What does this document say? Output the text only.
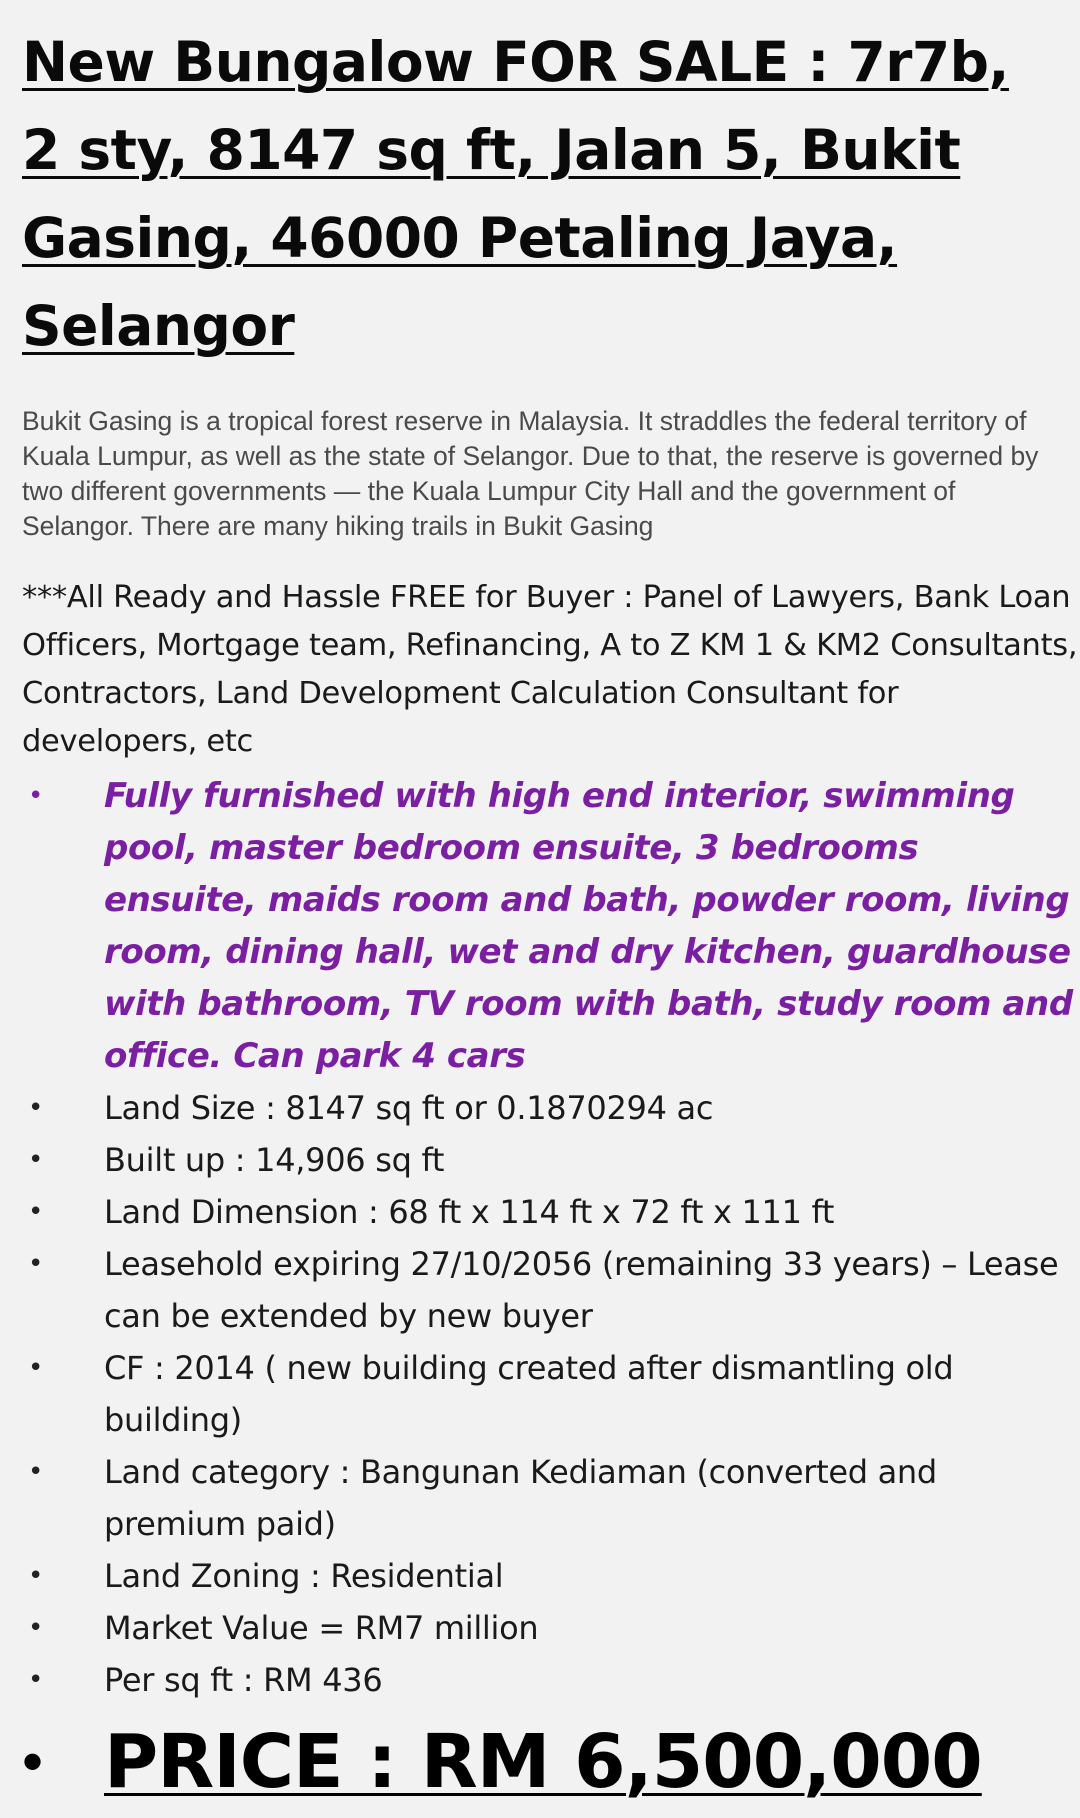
New Bungalow FOR SALE : 7r7b, 2 sty, 8147 sq ft, Jalan 5, Bukit Gasing, 46000 Petaling Jaya, Selangor

Bukit Gasing is a tropical forest reserve in Malaysia. It straddles the federal territory of Kuala Lumpur, as well as the state of Selangor. Due to that, the reserve is governed by two different governments — the Kuala Lumpur City Hall and the government of Selangor. There are many hiking trails in Bukit Gasing

***All Ready and Hassle FREE for Buyer : Panel of Lawyers, Bank Loan Officers, Mortgage team, Refinancing, A to Z KM 1 & KM2 Consultants, Contractors, Land Development Calculation Consultant for developers, etc

• Fully furnished with high end interior, swimming pool, master bedroom ensuite, 3 bedrooms ensuite, maids room and bath, powder room, living room, dining hall, wet and dry kitchen, guardhouse with bathroom, TV room with bath, study room and office. Can park 4 cars
• Land Size : 8147 sq ft or 0.1870294 ac
• Built up : 14,906 sq ft
• Land Dimension : 68 ft x 114 ft x 72 ft x 111 ft
• Leasehold expiring 27/10/2056 (remaining 33 years) – Lease can be extended by new buyer
• CF : 2014 ( new building created after dismantling old building)
• Land category : Bangunan Kediaman (converted and premium paid)
• Land Zoning : Residential
• Market Value = RM7 million
• Per sq ft : RM 436
• PRICE : RM 6,500,000
